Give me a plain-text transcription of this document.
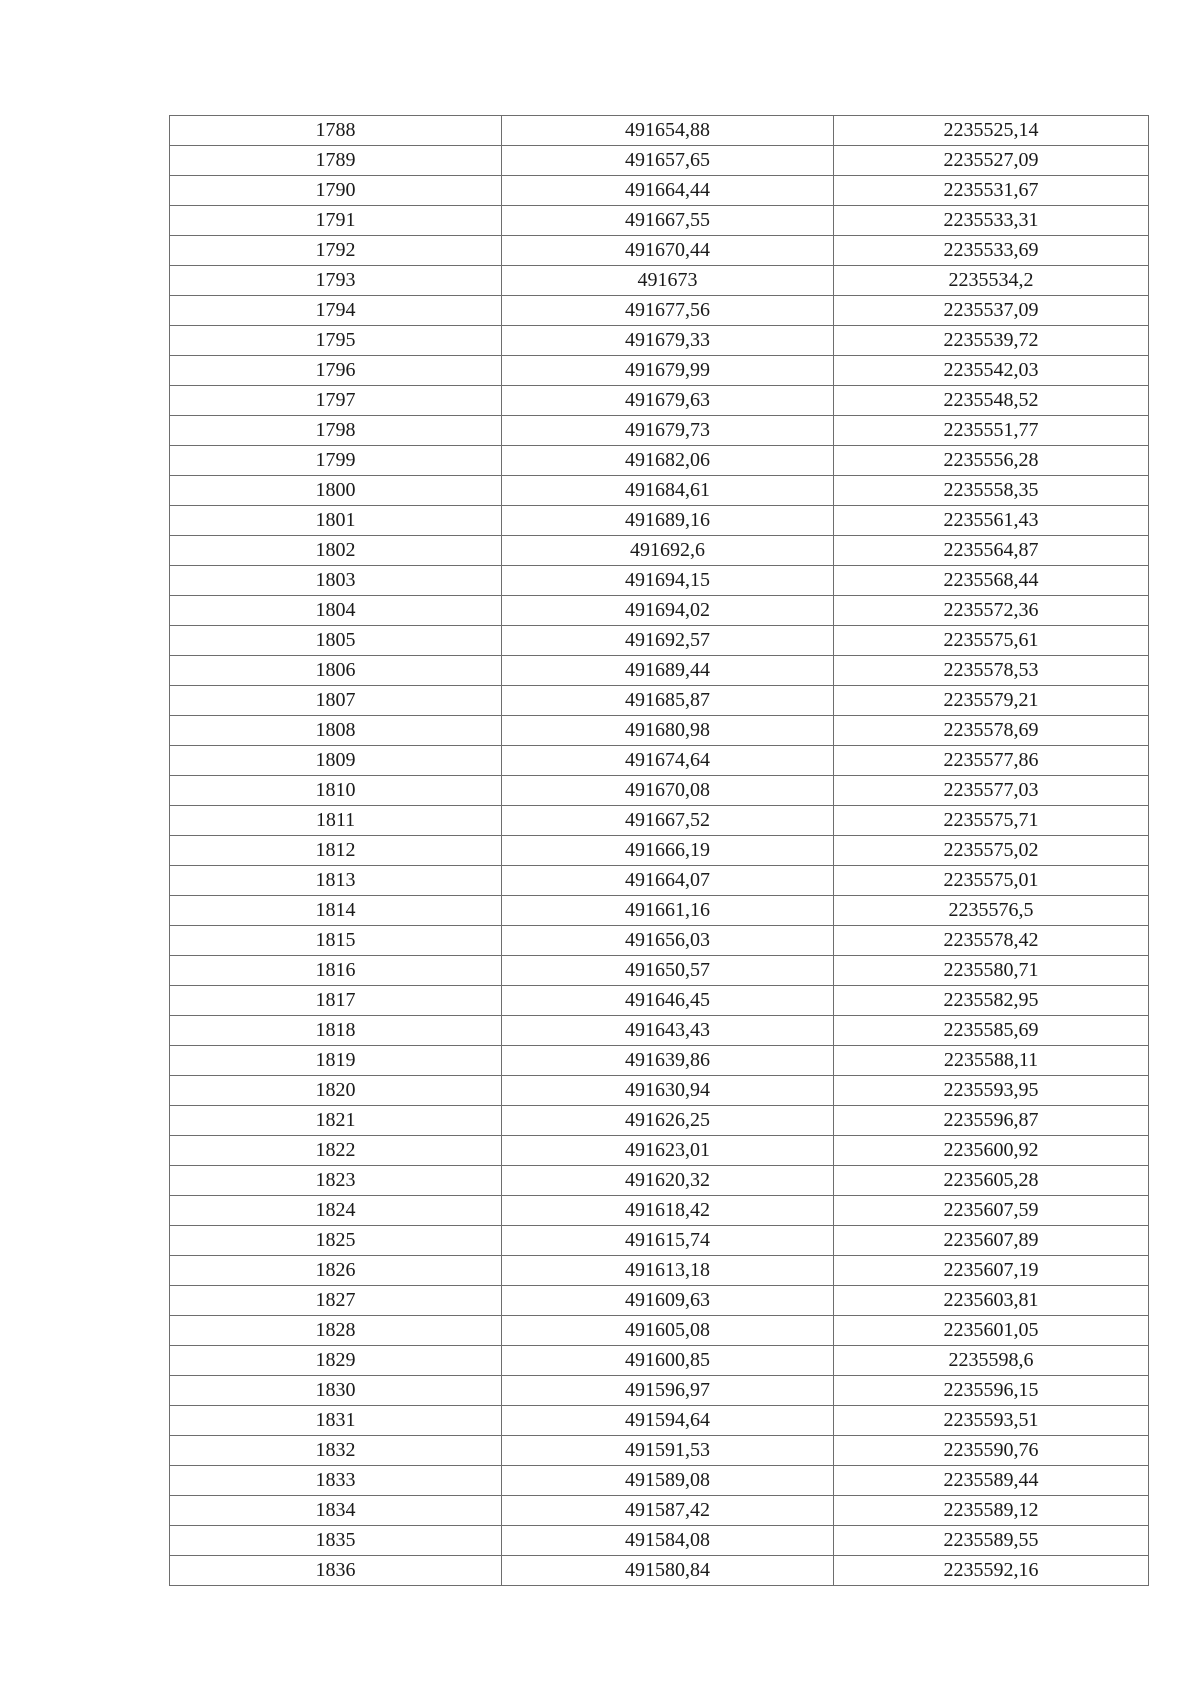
1788	491654,88	2235525,14
1789	491657,65	2235527,09
1790	491664,44	2235531,67
1791	491667,55	2235533,31
1792	491670,44	2235533,69
1793	491673	2235534,2
1794	491677,56	2235537,09
1795	491679,33	2235539,72
1796	491679,99	2235542,03
1797	491679,63	2235548,52
1798	491679,73	2235551,77
1799	491682,06	2235556,28
1800	491684,61	2235558,35
1801	491689,16	2235561,43
1802	491692,6	2235564,87
1803	491694,15	2235568,44
1804	491694,02	2235572,36
1805	491692,57	2235575,61
1806	491689,44	2235578,53
1807	491685,87	2235579,21
1808	491680,98	2235578,69
1809	491674,64	2235577,86
1810	491670,08	2235577,03
1811	491667,52	2235575,71
1812	491666,19	2235575,02
1813	491664,07	2235575,01
1814	491661,16	2235576,5
1815	491656,03	2235578,42
1816	491650,57	2235580,71
1817	491646,45	2235582,95
1818	491643,43	2235585,69
1819	491639,86	2235588,11
1820	491630,94	2235593,95
1821	491626,25	2235596,87
1822	491623,01	2235600,92
1823	491620,32	2235605,28
1824	491618,42	2235607,59
1825	491615,74	2235607,89
1826	491613,18	2235607,19
1827	491609,63	2235603,81
1828	491605,08	2235601,05
1829	491600,85	2235598,6
1830	491596,97	2235596,15
1831	491594,64	2235593,51
1832	491591,53	2235590,76
1833	491589,08	2235589,44
1834	491587,42	2235589,12
1835	491584,08	2235589,55
1836	491580,84	2235592,16
